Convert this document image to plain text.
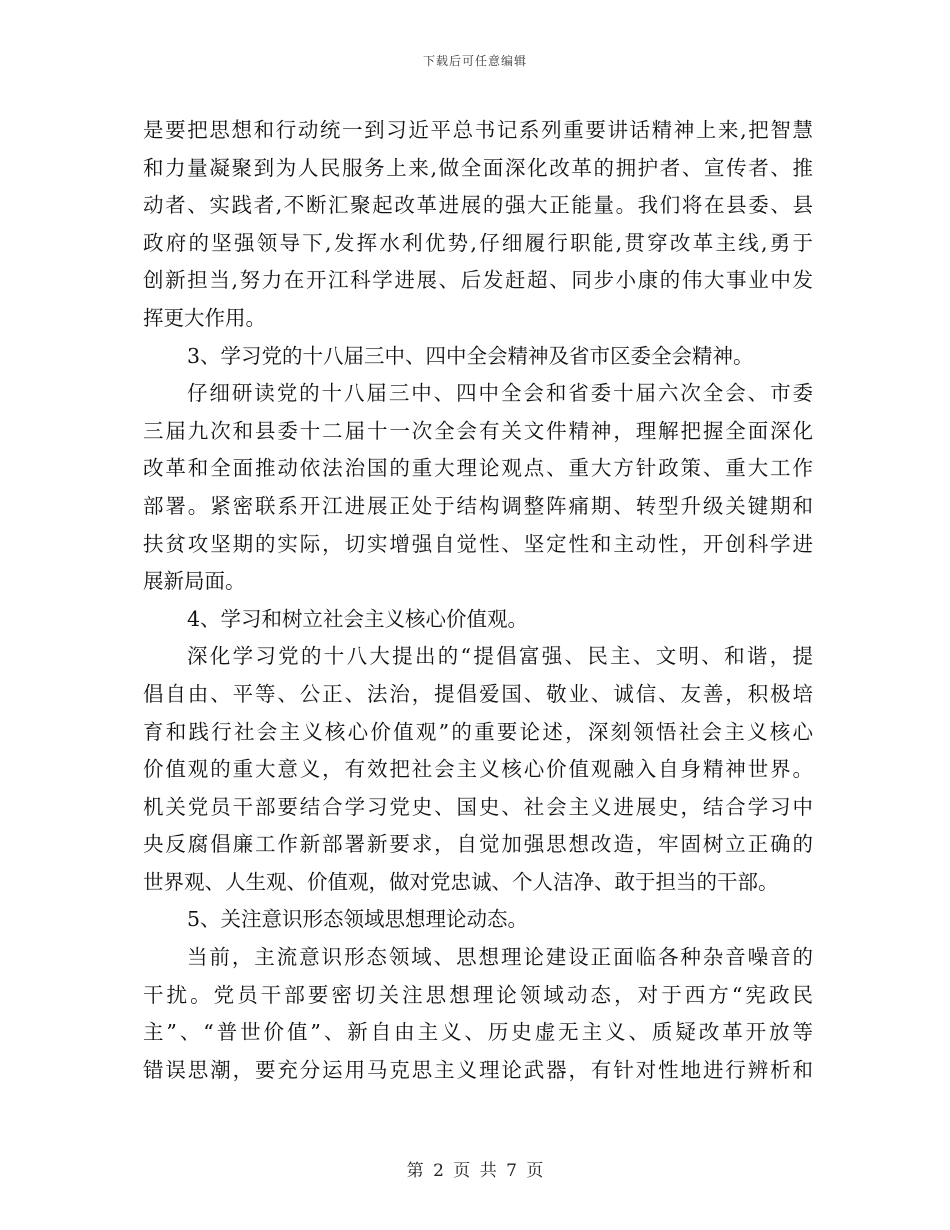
下载后可任意编辑
是要把思想和行动统一到习近平总书记系列重要讲话精神上来,把智慧
和力量凝聚到为人民服务上来,做全面深化改革的拥护者、宣传者、推
动者、实践者,不断汇聚起改革进展的强大正能量。我们将在县委、县
政府的坚强领导下,发挥水利优势,仔细履行职能,贯穿改革主线,勇于
创新担当,努力在开江科学进展、后发赶超、同步小康的伟大事业中发
挥更大作用。
3、学习党的十八届三中、四中全会精神及省市区委全会精神。
仔细研读党的十八届三中、四中全会和省委十届六次全会、市委
三届九次和县委十二届十一次全会有关文件精神，理解把握全面深化
改革和全面推动依法治国的重大理论观点、重大方针政策、重大工作
部署。紧密联系开江进展正处于结构调整阵痛期、转型升级关键期和
扶贫攻坚期的实际，切实增强自觉性、坚定性和主动性，开创科学进
展新局面。
4、学习和树立社会主义核心价值观。
深化学习党的十八大提出的“提倡富强、民主、文明、和谐，提
倡自由、平等、公正、法治，提倡爱国、敬业、诚信、友善，积极培
育和践行社会主义核心价值观”的重要论述，深刻领悟社会主义核心
价值观的重大意义，有效把社会主义核心价值观融入自身精神世界。
机关党员干部要结合学习党史、国史、社会主义进展史，结合学习中
央反腐倡廉工作新部署新要求，自觉加强思想改造，牢固树立正确的
世界观、人生观、价值观，做对党忠诚、个人洁净、敢于担当的干部。
5、关注意识形态领域思想理论动态。
当前，主流意识形态领域、思想理论建设正面临各种杂音噪音的
干扰。党员干部要密切关注思想理论领域动态，对于西方“宪政民
主”、“普世价值”、新自由主义、历史虚无主义、质疑改革开放等
错误思潮，要充分运用马克思主义理论武器，有针对性地进行辨析和
第 2 页 共 7 页
